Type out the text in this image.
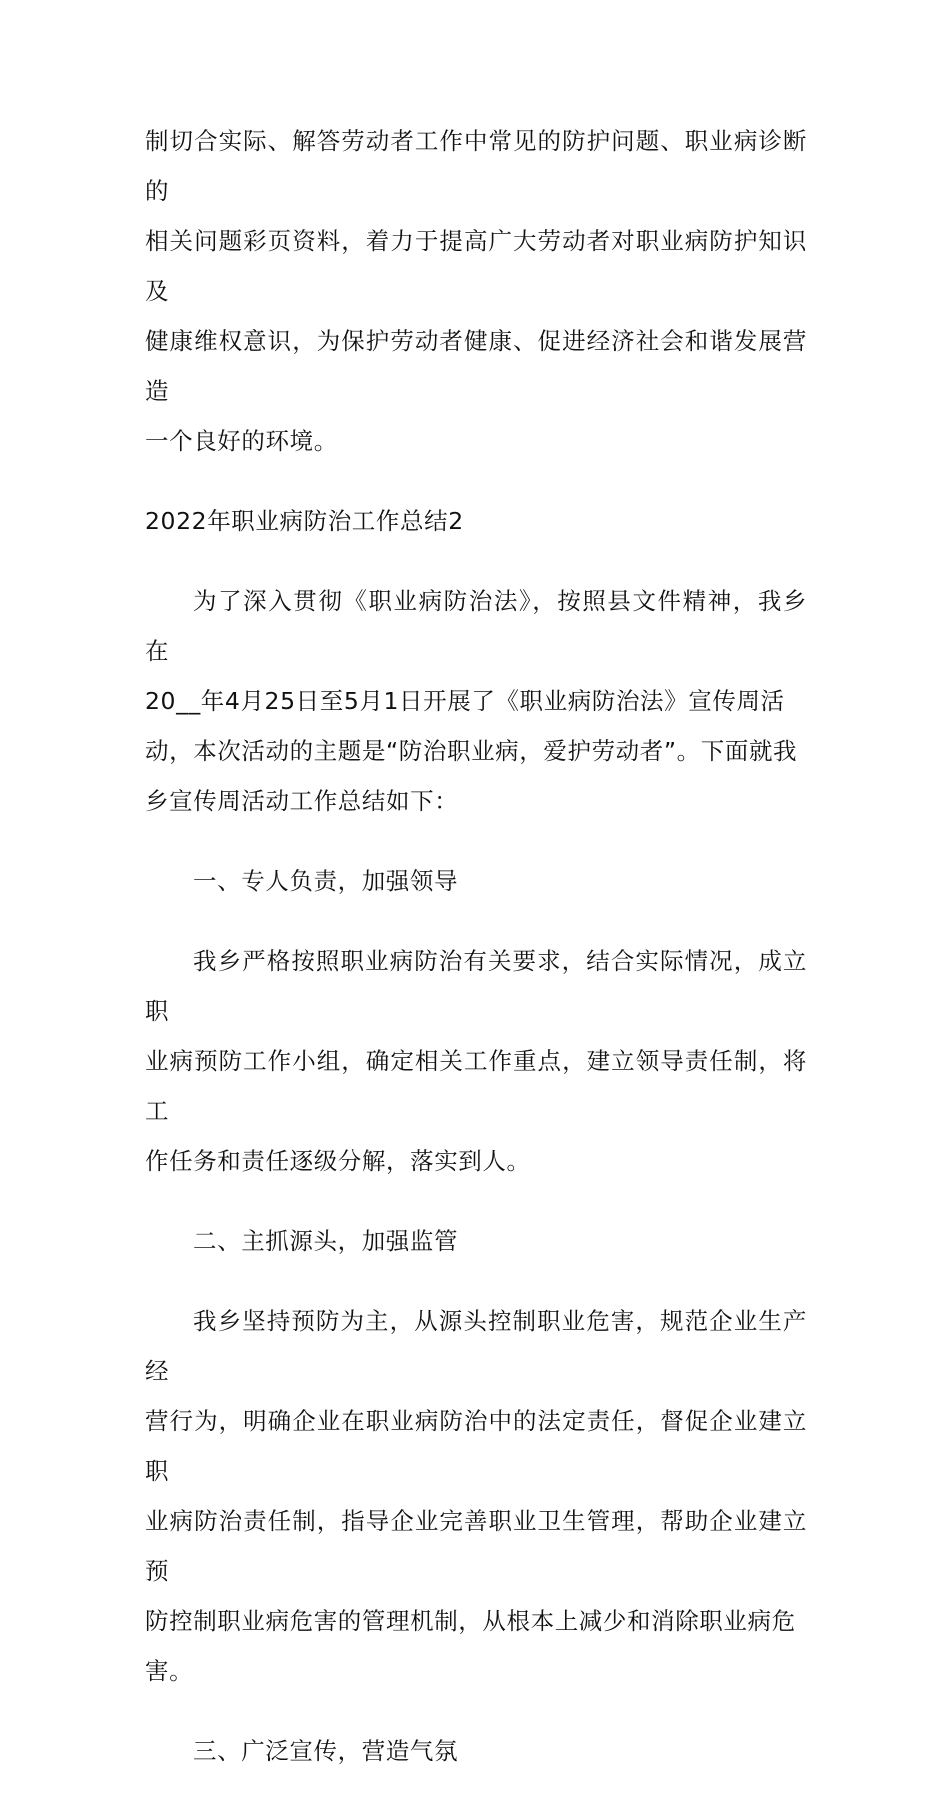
制切合实际、解答劳动者工作中常见的防护问题、职业病诊断的
相关问题彩页资料，着力于提高广大劳动者对职业病防护知识及
健康维权意识，为保护劳动者健康、促进经济社会和谐发展营造
一个良好的环境。
2022年职业病防治工作总结2
为了深入贯彻《职业病防治法》，按照县文件精神，我乡在
20__年4月25日至5月1日开展了《职业病防治法》宣传周活
动，本次活动的主题是“防治职业病，爱护劳动者”。下面就我
乡宣传周活动工作总结如下：
一、专人负责，加强领导
我乡严格按照职业病防治有关要求，结合实际情况，成立职
业病预防工作小组，确定相关工作重点，建立领导责任制，将工
作任务和责任逐级分解，落实到人。
二、主抓源头，加强监管
我乡坚持预防为主，从源头控制职业危害，规范企业生产经
营行为，明确企业在职业病防治中的法定责任，督促企业建立职
业病防治责任制，指导企业完善职业卫生管理，帮助企业建立预
防控制职业病危害的管理机制，从根本上减少和消除职业病危
害。
三、广泛宣传，营造气氛
